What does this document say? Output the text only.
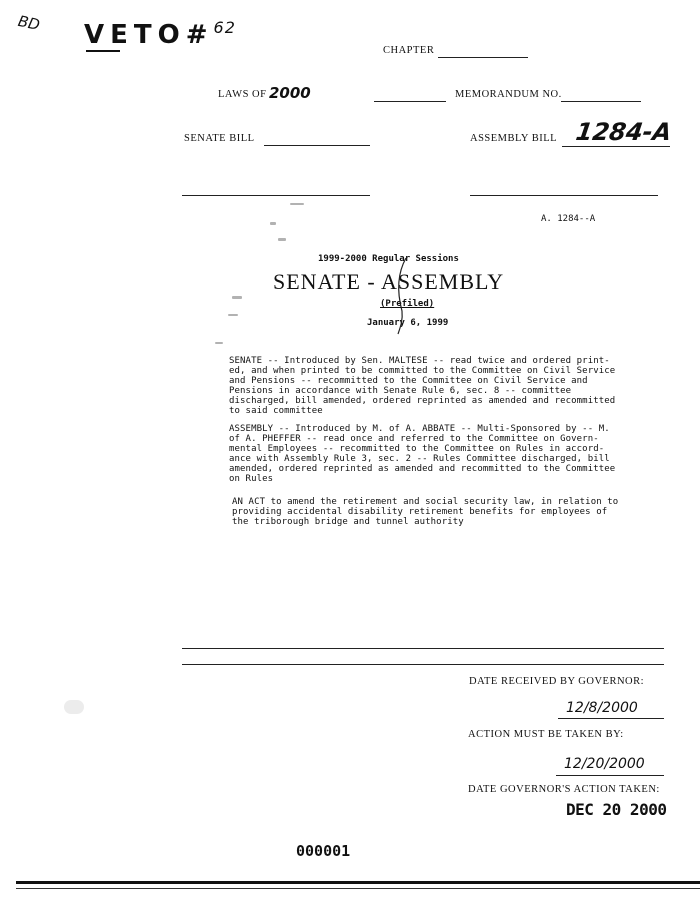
BD VETO#$^{62}$
CHAPTER
LAWS OF 2000	MEMORANDUM NO.
SENATE BILL	ASSEMBLY BILL 1284-A
A. 1284--A
1999-2000 Regular Sessions
SENATE - ASSEMBLY
(Prefiled)
January 6, 1999
SENATE -- Introduced by Sen. MALTESE -- read twice and ordered print-
ed, and when printed to be committed to the Committee on Civil Service
and Pensions -- recommitted to the Committee on Civil Service and
Pensions in accordance with Senate Rule 6, sec. 8 -- committee
discharged, bill amended, ordered reprinted as amended and recommitted
to said committee
ASSEMBLY -- Introduced by M. of A. ABBATE -- Multi-Sponsored by -- M.
of A. PHEFFER -- read once and referred to the Committee on Govern-
mental Employees -- recommitted to the Committee on Rules in accord-
ance with Assembly Rule 3, sec. 2 -- Rules Committee discharged, bill
amended, ordered reprinted as amended and recommitted to the Committee
on Rules
AN ACT to amend the retirement and social security law, in relation to
providing accidental disability retirement benefits for employees of
the triborough bridge and tunnel authority
DATE RECEIVED BY GOVERNOR:
12/8/2000
ACTION MUST BE TAKEN BY:
12/20/2000
DATE GOVERNOR'S ACTION TAKEN:
DEC 20 2000
000001
